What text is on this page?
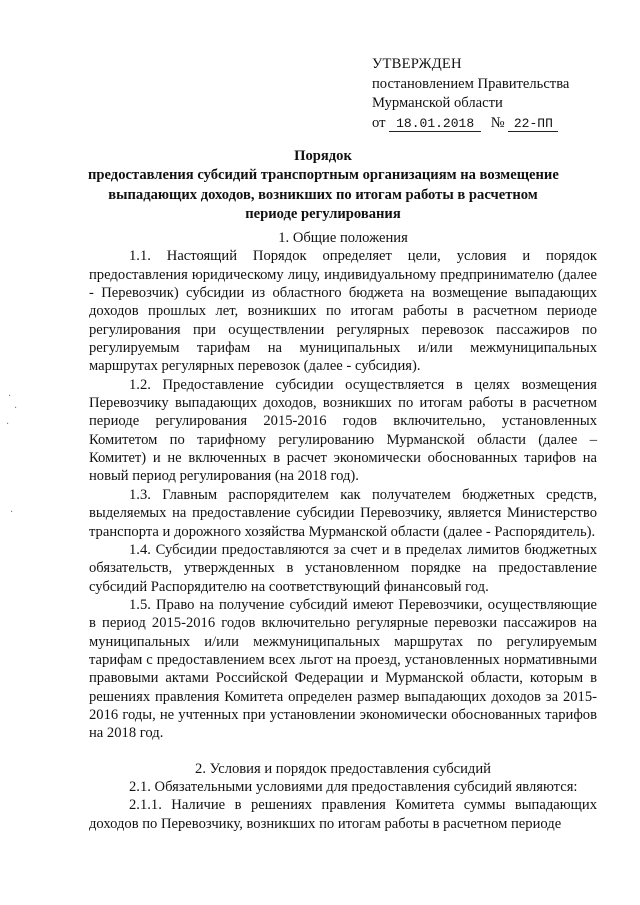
УТВЕРЖДЕН
постановлением Правительства
Мурманской области
от 18.01.2018 № 22-ПП
Порядок
предоставления субсидий транспортным организациям на возмещение
выпадающих доходов, возникших по итогам работы в расчетном
периоде регулирования
1. Общие положения

1.1. Настоящий Порядок определяет цели, условия и порядок предоставления юридическому лицу, индивидуальному предпринимателю (далее - Перевозчик) субсидии из областного бюджета на возмещение выпадающих доходов прошлых лет, возникших по итогам работы в расчетном периоде регулирования при осуществлении регулярных перевозок пассажиров по регулируемым тарифам на муниципальных и/или межмуниципальных маршрутах регулярных перевозок (далее - субсидия).

1.2. Предоставление субсидии осуществляется в целях возмещения Перевозчику выпадающих доходов, возникших по итогам работы в расчетном периоде регулирования 2015-2016 годов включительно, установленных Комитетом по тарифному регулированию Мурманской области (далее – Комитет) и не включенных в расчет экономически обоснованных тарифов на новый период регулирования (на 2018 год).

1.3. Главным распорядителем как получателем бюджетных средств, выделяемых на предоставление субсидии Перевозчику, является Министерство транспорта и дорожного хозяйства Мурманской области (далее - Распорядитель).

1.4. Субсидии предоставляются за счет и в пределах лимитов бюджетных обязательств, утвержденных в установленном порядке на предоставление субсидий Распорядителю на соответствующий финансовый год.

1.5. Право на получение субсидий имеют Перевозчики, осуществляющие в период 2015-2016 годов включительно регулярные перевозки пассажиров на муниципальных и/или межмуниципальных маршрутах по регулируемым тарифам с предоставлением всех льгот на проезд, установленных нормативными правовыми актами Российской Федерации и Мурманской области, которым в решениях правления Комитета определен размер выпадающих доходов за 2015-2016 годы, не учтенных при установлении экономически обоснованных тарифов на 2018 год.

2. Условия и порядок предоставления субсидий

2.1. Обязательными условиями для предоставления субсидий являются:

2.1.1. Наличие в решениях правления Комитета суммы выпадающих доходов по Перевозчику, возникших по итогам работы в расчетном периоде

·
·
·
·
